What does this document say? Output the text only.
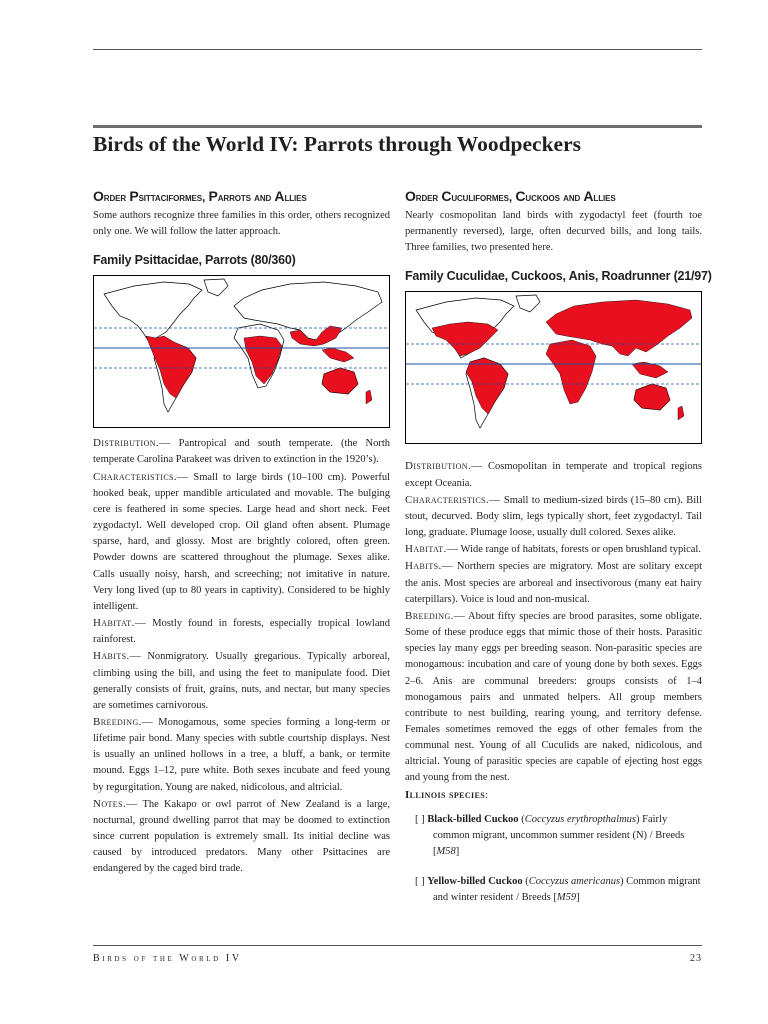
Birds of the World IV: Parrots through Woodpeckers
Order Psittaciformes, Parrots and Allies

Some authors recognize three families in this order, others recognized only one. We will follow the latter approach.

Family Psittacidae, Parrots (80/360)

Distribution.— Pantropical and south temperate. (the North temperate Carolina Parakeet was driven to extinction in the 1920’s).

Characteristics.— Small to large birds (10–100 cm). Powerful hooked beak, upper mandible articulated and movable. The bulging cere is feathered in some species. Large head and short neck. Feet zygodactyl. Well developed crop. Oil gland often absent. Plumage sparse, hard, and glossy. Most are brightly colored, often green. Powder downs are scattered throughout the plumage. Sexes alike. Calls usually noisy, harsh, and screeching; not imitative in nature. Very long lived (up to 80 years in captivity). Considered to be highly intelligent.

Habitat.— Mostly found in forests, especially tropical lowland rainforest.

Habits.— Nonmigratory. Usually gregarious. Typically arboreal, climbing using the bill, and using the feet to manipulate food. Diet generally consists of fruit, grains, nuts, and nectar, but many species are sometimes carnivorous.

Breeding.— Monogamous, some species forming a long-term or lifetime pair bond. Many species with subtle courtship displays. Nest is usually an unlined hollows in a tree, a bluff, a bank, or termite mound. Eggs 1–12, pure white. Both sexes incubate and feed young by regurgitation. Young are naked, nidicolous, and altricial.

Notes.— The Kakapo or owl parrot of New Zealand is a large, nocturnal, ground dwelling parrot that may be doomed to extinction since current population is extremely small. Its initial decline was caused by introduced predators. Many other Psittacines are endangered by the caged bird trade.

Order Cuculiformes, Cuckoos and Allies

Nearly cosmopolitan land birds with zygodactyl feet (fourth toe permanently reversed), large, often decurved bills, and long tails. Three families, two presented here.

Family Cuculidae, Cuckoos, Anis, Roadrunner (21/97)

Distribution.— Cosmopolitan in temperate and tropical regions except Oceania.

Characteristics.— Small to medium-sized birds (15–80 cm). Bill stout, decurved. Body slim, legs typically short, feet zygodactyl. Tail long, graduate. Plumage loose, usually dull colored. Sexes alike.

Habitat.— Wide range of habitats, forests or open brushland typical.

Habits.— Northern species are migratory. Most are solitary except the anis. Most species are arboreal and insectivorous (many eat hairy caterpillars). Voice is loud and non-musical.

Breeding.— About fifty species are brood parasites, some obligate. Some of these produce eggs that mimic those of their hosts. Parasitic species lay many eggs per breeding season. Non-parasitic species are monogamous: incubation and care of young done by both sexes. Eggs 2–6. Anis are communal breeders: groups consists of 1–4 monogamous pairs and unmated helpers. All group members contribute to nest building, rearing young, and territory defense. Females sometimes removed the eggs of other females from the communal nest. Young of all Cuculids are naked, nidicolous, and altricial. Young of parasitic species are capable of ejecting host eggs and young from the nest.

Illinois species:

[ ] Black-billed Cuckoo (Coccyzus erythropthalmus) Fairly common migrant, uncommon summer resident (N) / Breeds [M58]

[ ] Yellow-billed Cuckoo (Coccyzus americanus) Common migrant and winter resident / Breeds [M59]

Birds of the World IV	23
